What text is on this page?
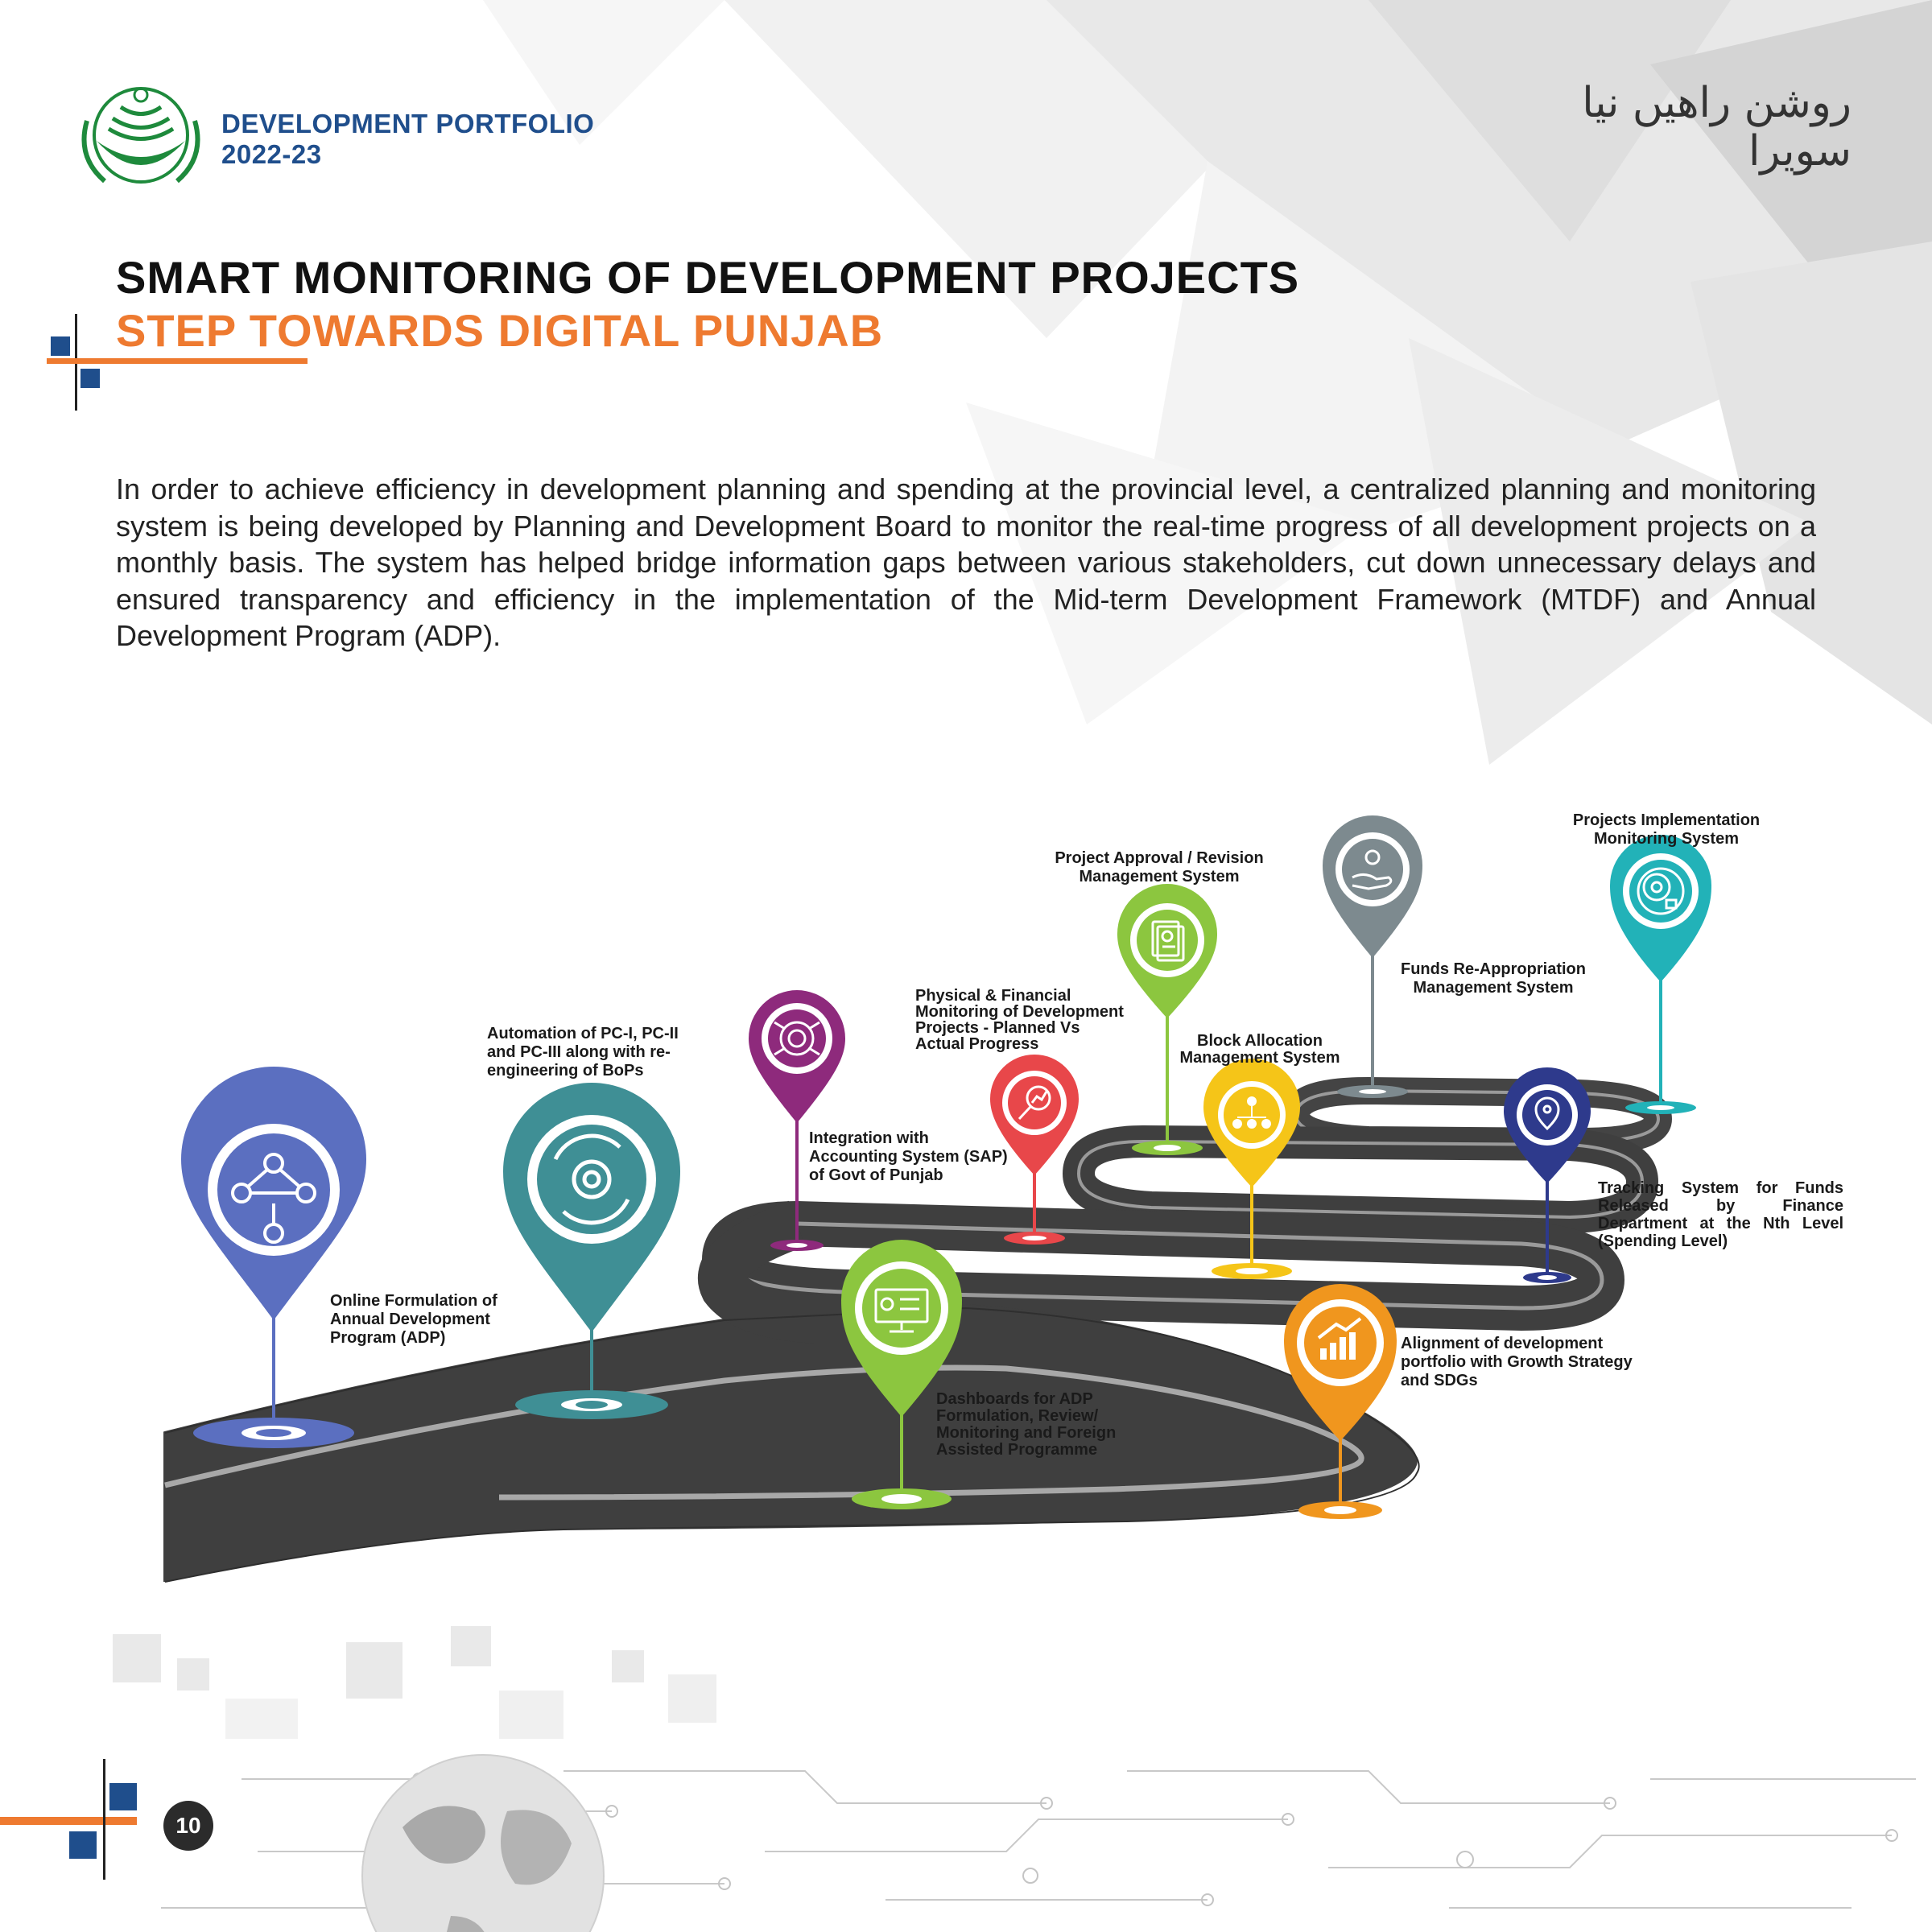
DEVELOPMENT PORTFOLIO
2022-23
روشن راھیں نیا سویرا
SMART MONITORING OF DEVELOPMENT PROJECTS
STEP TOWARDS DIGITAL PUNJAB
In order to achieve efficiency in development planning and spending at the provincial level, a centralized planning and monitoring system is being developed by Planning and Development Board to monitor the real-time progress of all development projects on a monthly basis. The system has helped bridge information gaps between various stakeholders, cut down unnecessary delays and ensured transparency and efficiency in the implementation of the Mid-term Development Framework (MTDF) and Annual Development Program (ADP).
Online Formulation of Annual Development Program (ADP)
Automation of PC-I, PC-II and PC-III along with re-engineering of BoPs
Dashboards for ADP Formulation, Review/ Monitoring and Foreign Assisted Programme
Integration with Accounting System (SAP) of Govt of Punjab
Physical & Financial Monitoring of Development Projects - Planned Vs Actual Progress
Alignment of development portfolio with Growth Strategy and SDGs
Block Allocation Management System
Project Approval / Revision Management System
Tracking System for Funds Released by Finance Department at the Nth Level (Spending Level)
Funds Re-Appropriation Management System
Projects Implementation Monitoring System
10
